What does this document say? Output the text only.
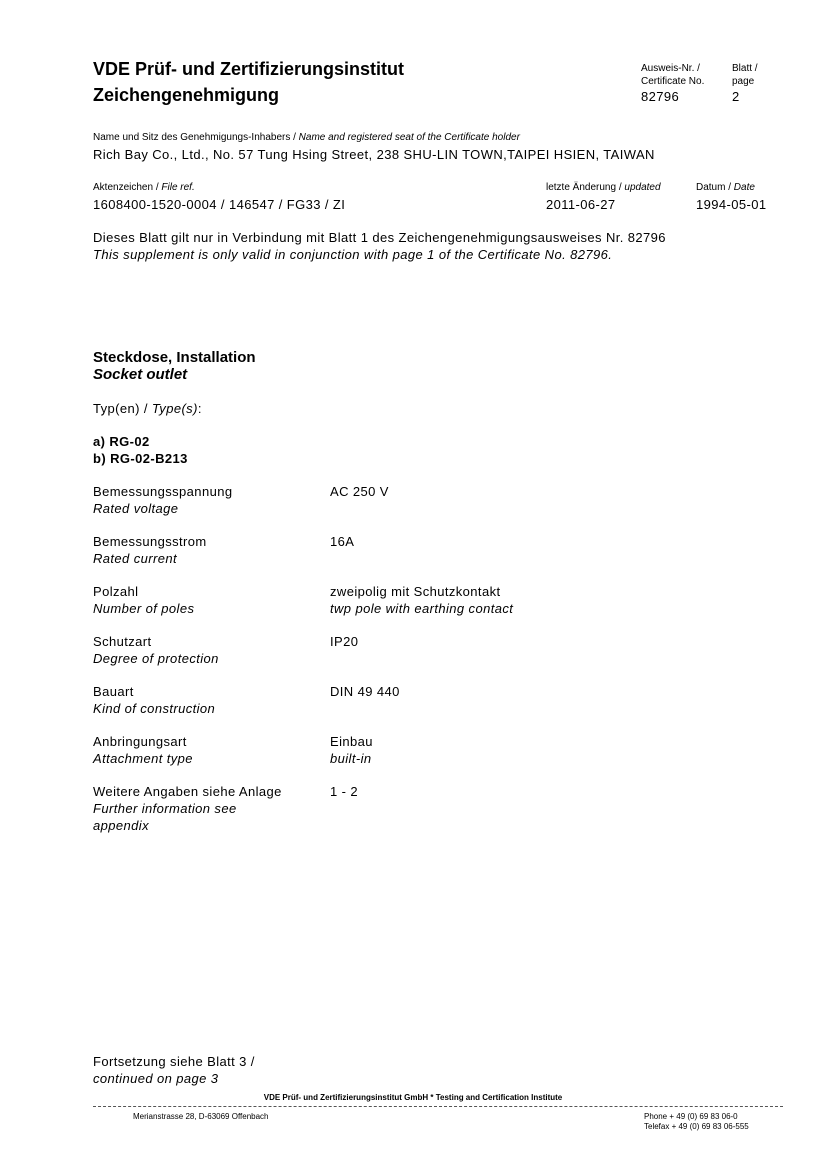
VDE Prüf- und Zertifizierungsinstitut
Zeichengenehmigung
Ausweis-Nr. /
Certificate No.
82796
Blatt /
page
2
Name und Sitz des Genehmigungs-Inhabers / Name and registered seat of the Certificate holder
Rich Bay Co., Ltd., No. 57 Tung Hsing Street, 238 SHU-LIN TOWN,TAIPEI HSIEN, TAIWAN
Aktenzeichen / File ref.
1608400-1520-0004 / 146547 / FG33 / ZI
letzte Änderung / updated
2011-06-27
Datum / Date
1994-05-01
Dieses Blatt gilt nur in Verbindung mit Blatt 1 des Zeichengenehmigungsausweises Nr. 82796
This supplement is only valid in conjunction with page 1 of the Certificate No. 82796.
Steckdose, Installation
Socket outlet
Typ(en) / Type(s):
a) RG-02
b) RG-02-B213
Bemessungsspannung
Rated voltage
AC 250 V
Bemessungsstrom
Rated current
16A
Polzahl
Number of poles
zweipolig mit Schutzkontakt
twp pole with earthing contact
Schutzart
Degree of protection
IP20
Bauart
Kind of construction
DIN 49 440
Anbringungsart
Attachment type
Einbau
built-in
Weitere Angaben siehe Anlage
Further information see
appendix
1 - 2
Fortsetzung siehe Blatt 3 /
continued on page 3
VDE Prüf- und Zertifizierungsinstitut GmbH * Testing and Certification Institute
Merianstrasse 28, D-63069 Offenbach	Phone + 49 (0) 69 83 06-0
Telefax + 49 (0) 69 83 06-555
